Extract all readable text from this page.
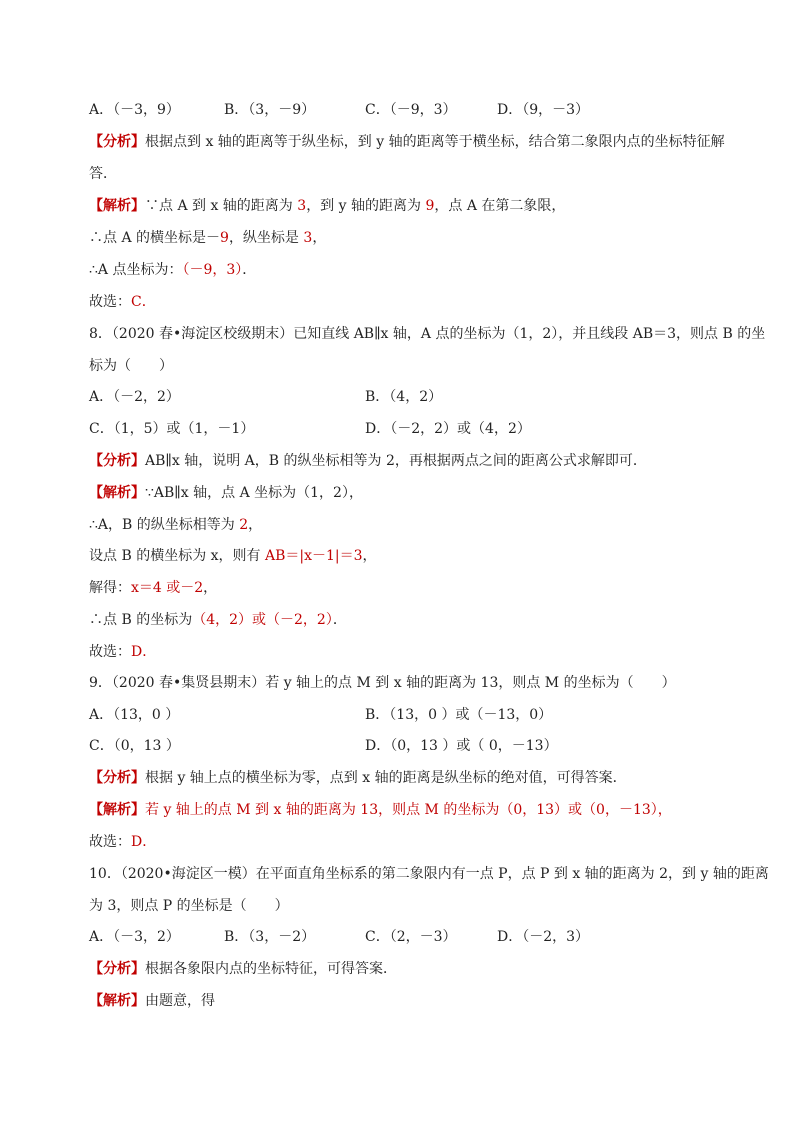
A．（－3，9）	B．（3，－9）	C．（－9，3）	D．（9，－3）
【分析】根据点到 x 轴的距离等于纵坐标，到 y 轴的距离等于横坐标，结合第二象限内点的坐标特征解
答．
【解析】∵点 A 到 x 轴的距离为 3，到 y 轴的距离为 9，点 A 在第二象限，
∴点 A 的横坐标是－9，纵坐标是 3，
∴A 点坐标为：（－9，3）．
故选：C．
8．（2020 春•海淀区校级期末）已知直线 AB∥x 轴，A 点的坐标为（1，2），并且线段 AB＝3，则点 B 的坐
标为（　　）
A．（－2，2）	B．（4，2）
C．（1，5）或（1，－1）	D．（－2，2）或（4，2）
【分析】AB∥x 轴，说明 A，B 的纵坐标相等为 2，再根据两点之间的距离公式求解即可．
【解析】∵AB∥x 轴，点 A 坐标为（1，2），
∴A，B 的纵坐标相等为 2，
设点 B 的横坐标为 x，则有 AB＝|x－1|＝3，
解得：x＝4 或－2，
∴点 B 的坐标为（4，2）或（－2，2）．
故选：D．
9．（2020 春•集贤县期末）若 y 轴上的点 M 到 x 轴的距离为 13，则点 M 的坐标为（　　）
A．（13，0 ）	B．（13，0 ）或（－13，0）
C．（0，13 ）	D．（0，13 ）或（ 0，－13）
【分析】根据 y 轴上点的横坐标为零，点到 x 轴的距离是纵坐标的绝对值，可得答案．
【解析】若 y 轴上的点 M 到 x 轴的距离为 13，则点 M 的坐标为（0，13）或（0，－13），
故选：D．
10．（2020•海淀区一模）在平面直角坐标系的第二象限内有一点 P，点 P 到 x 轴的距离为 2，到 y 轴的距离
为 3，则点 P 的坐标是（　　）
A．（－3，2）	B．（3，－2）	C．（2，－3）	D．（－2，3）
【分析】根据各象限内点的坐标特征，可得答案．
【解析】由题意，得
